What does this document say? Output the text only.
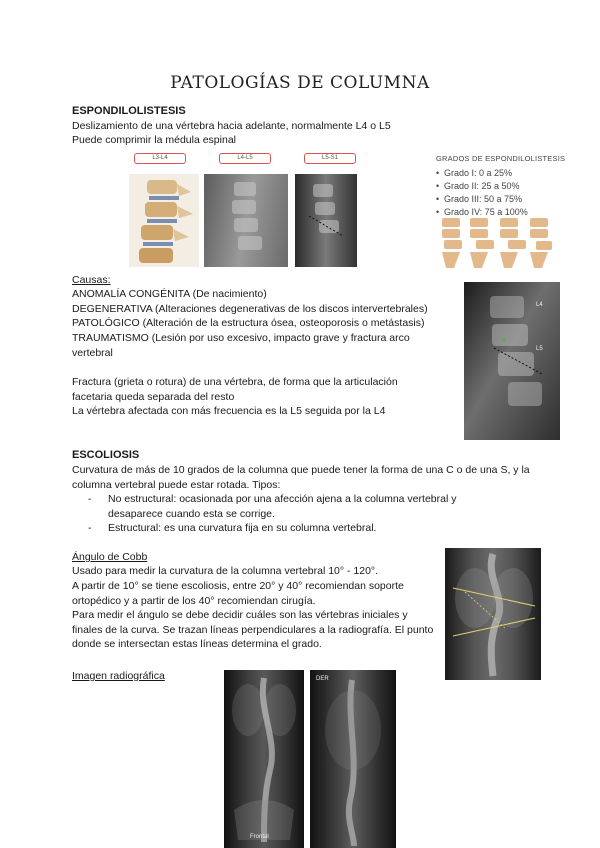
PATOLOGÍAS DE COLUMNA
ESPONDILOLISTESIS

Deslizamiento de una vértebra hacia adelante, normalmente L4 o L5

Puede comprimir la médula espinal

L3-L4	L4-L5	L5-S1	GRADOS DE ESPONDILOLISTESIS
• Grado I: 0 a 25%
• Grado II: 25 a 50%
• Grado III: 50 a 75%
• Grado IV: 75 a 100%

Causas:

ANOMALÍA CONGÉNITA (De nacimiento)

DEGENERATIVA (Alteraciones degenerativas de los discos intervertebrales)

PATOLÓGICO (Alteración de la estructura ósea, osteoporosis o metástasis)

TRAUMATISMO (Lesión por uso excesivo, impacto grave y fractura arco vertebral

Fractura (grieta o rotura) de una vértebra, de forma que la articulación facetaria queda separada del resto

La vértebra afectada con más frecuencia es la L5 seguida por la L4

L4
L5
ESCOLIOSIS

Curvatura de más de 10 grados de la columna que puede tener la forma de una C o de una S, y la columna vertebral puede estar rotada. Tipos:

- No estructural: ocasionada por una afección ajena a la columna vertebral y desaparece cuando esta se corrige.
- Estructural: es una curvatura fija en su columna vertebral.

Ángulo de Cobb

Usado para medir la curvatura de la columna vertebral 10° - 120°.

A partir de 10° se tiene escoliosis, entre 20° y 40° recomiendan soporte ortopédico y a partir de los 40° recomiendan cirugía.

Para medir el ángulo se debe decidir cuáles son las vértebras iniciales y finales de la curva. Se trazan líneas perpendiculares a la radiografía. El punto donde se intersectan estas líneas determina el grado.

Imagen radiográfica

Frontal
DER
